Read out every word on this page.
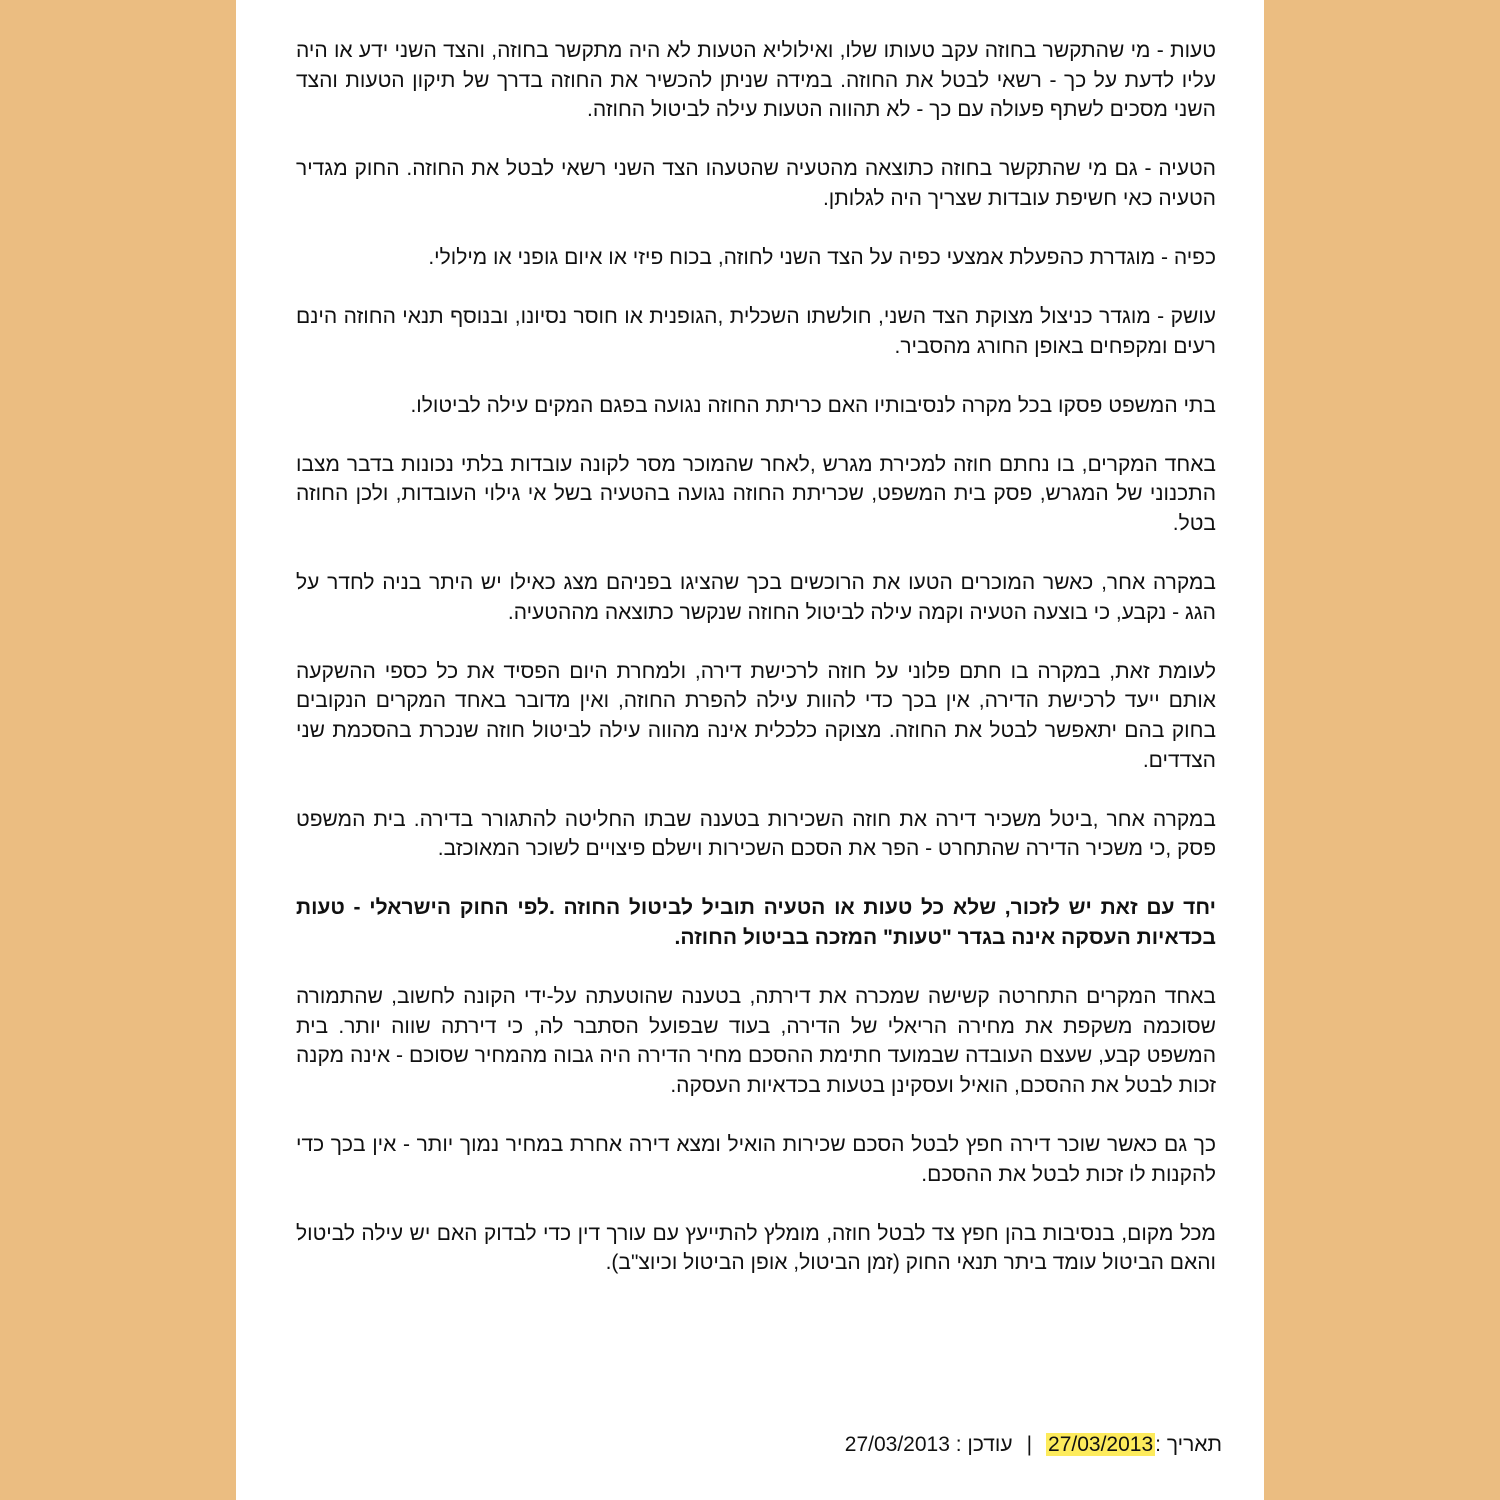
טעות - מי שהתקשר בחוזה עקב טעותו שלו, ואילוליא הטעות לא היה מתקשר בחוזה, והצד השני ידע או היה עליו לדעת על כך - רשאי לבטל את החוזה. במידה שניתן להכשיר את החוזה בדרך של תיקון הטעות והצד השני מסכים לשתף פעולה עם כך - לא תהווה הטעות עילה לביטול החוזה.

הטעיה - גם מי שהתקשר בחוזה כתוצאה מהטעיה שהטעהו הצד השני רשאי לבטל את החוזה. החוק מגדיר הטעיה כאי חשיפת עובדות שצריך היה לגלותן.

כפיה - מוגדרת כהפעלת אמצעי כפיה על הצד השני לחוזה, בכוח פיזי או איום גופני או מילולי.

עושק - מוגדר כניצול מצוקת הצד השני, חולשתו השכלית ,הגופנית או חוסר נסיונו, ובנוסף תנאי החוזה הינם רעים ומקפחים באופן החורג מהסביר.

בתי המשפט פסקו בכל מקרה לנסיבותיו האם כריתת החוזה נגועה בפגם המקים עילה לביטולו.

באחד המקרים, בו נחתם חוזה למכירת מגרש ,לאחר שהמוכר מסר לקונה עובדות בלתי נכונות בדבר מצבו התכנוני של המגרש, פסק בית המשפט, שכריתת החוזה נגועה בהטעיה בשל אי גילוי העובדות, ולכן החוזה בטל.

במקרה אחר, כאשר המוכרים הטעו את הרוכשים בכך שהציגו בפניהם מצג כאילו יש היתר בניה לחדר על הגג - נקבע, כי בוצעה הטעיה וקמה עילה לביטול החוזה שנקשר כתוצאה מההטעיה.

לעומת זאת, במקרה בו חתם פלוני על חוזה לרכישת דירה, ולמחרת היום הפסיד את כל כספי ההשקעה אותם ייעד לרכישת הדירה, אין בכך כדי להוות עילה להפרת החוזה, ואין מדובר באחד המקרים הנקובים בחוק בהם יתאפשר לבטל את החוזה. מצוקה כלכלית אינה מהווה עילה לביטול חוזה שנכרת בהסכמת שני הצדדים.

במקרה אחר ,ביטל משכיר דירה את חוזה השכירות בטענה שבתו החליטה להתגורר בדירה. בית המשפט פסק ,כי משכיר הדירה שהתחרט - הפר את הסכם השכירות וישלם פיצויים לשוכר המאוכזב.

יחד עם זאת יש לזכור, שלא כל טעות או הטעיה תוביל לביטול החוזה .לפי החוק הישראלי - טעות בכדאיות העסקה אינה בגדר "טעות" המזכה בביטול החוזה.

באחד המקרים התחרטה קשישה שמכרה את דירתה, בטענה שהוטעתה על-ידי הקונה לחשוב, שהתמורה שסוכמה משקפת את מחירה הריאלי של הדירה, בעוד שבפועל הסתבר לה, כי דירתה שווה יותר. בית המשפט קבע, שעצם העובדה שבמועד חתימת ההסכם מחיר הדירה היה גבוה מהמחיר שסוכם - אינה מקנה זכות לבטל את ההסכם, הואיל ועסקינן בטעות בכדאיות העסקה.

כך גם כאשר שוכר דירה חפץ לבטל הסכם שכירות הואיל ומצא דירה אחרת במחיר נמוך יותר - אין בכך כדי להקנות לו זכות לבטל את ההסכם.

מכל מקום, בנסיבות בהן חפץ צד לבטל חוזה, מומלץ להתייעץ עם עורך דין כדי לבדוק האם יש עילה לביטול והאם הביטול עומד ביתר תנאי החוק (זמן הביטול, אופן הביטול וכיוצ"ב).

תאריך :27/03/2013|עודכן : 27/03/2013
